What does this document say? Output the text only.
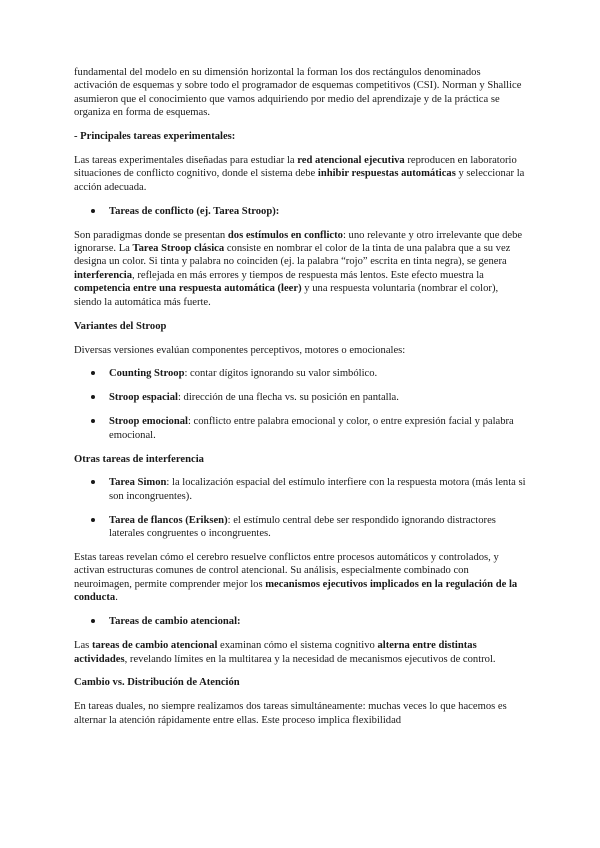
fundamental del modelo en su dimensión horizontal la forman los dos rectángulos denominados activación de esquemas y sobre todo el programador de esquemas competitivos (CSI). Norman y Shallice asumieron que el conocimiento que vamos adquiriendo por medio del aprendizaje y de la práctica se organiza en forma de esquemas.

- Principales tareas experimentales:

Las tareas experimentales diseñadas para estudiar la red atencional ejecutiva reproducen en laboratorio situaciones de conflicto cognitivo, donde el sistema debe inhibir respuestas automáticas y seleccionar la acción adecuada.

Tareas de conflicto (ej. Tarea Stroop):

Son paradigmas donde se presentan dos estímulos en conflicto: uno relevante y otro irrelevante que debe ignorarse. La Tarea Stroop clásica consiste en nombrar el color de la tinta de una palabra que a su vez designa un color. Si tinta y palabra no coinciden (ej. la palabra “rojo” escrita en tinta negra), se genera interferencia, reflejada en más errores y tiempos de respuesta más lentos. Este efecto muestra la competencia entre una respuesta automática (leer) y una respuesta voluntaria (nombrar el color), siendo la automática más fuerte.

Variantes del Stroop

Diversas versiones evalúan componentes perceptivos, motores o emocionales:

Counting Stroop: contar dígitos ignorando su valor simbólico.
Stroop espacial: dirección de una flecha vs. su posición en pantalla.
Stroop emocional: conflicto entre palabra emocional y color, o entre expresión facial y palabra emocional.
Otras tareas de interferencia
Tarea Simon: la localización espacial del estímulo interfiere con la respuesta motora (más lenta si son incongruentes).
Tarea de flancos (Eriksen): el estímulo central debe ser respondido ignorando distractores laterales congruentes o incongruentes.

Estas tareas revelan cómo el cerebro resuelve conflictos entre procesos automáticos y controlados, y activan estructuras comunes de control atencional. Su análisis, especialmente combinado con neuroimagen, permite comprender mejor los mecanismos ejecutivos implicados en la regulación de la conducta.

Tareas de cambio atencional:

Las tareas de cambio atencional examinan cómo el sistema cognitivo alterna entre distintas actividades, revelando límites en la multitarea y la necesidad de mecanismos ejecutivos de control.

Cambio vs. Distribución de Atención

En tareas duales, no siempre realizamos dos tareas simultáneamente: muchas veces lo que hacemos es alternar la atención rápidamente entre ellas. Este proceso implica flexibilidad
